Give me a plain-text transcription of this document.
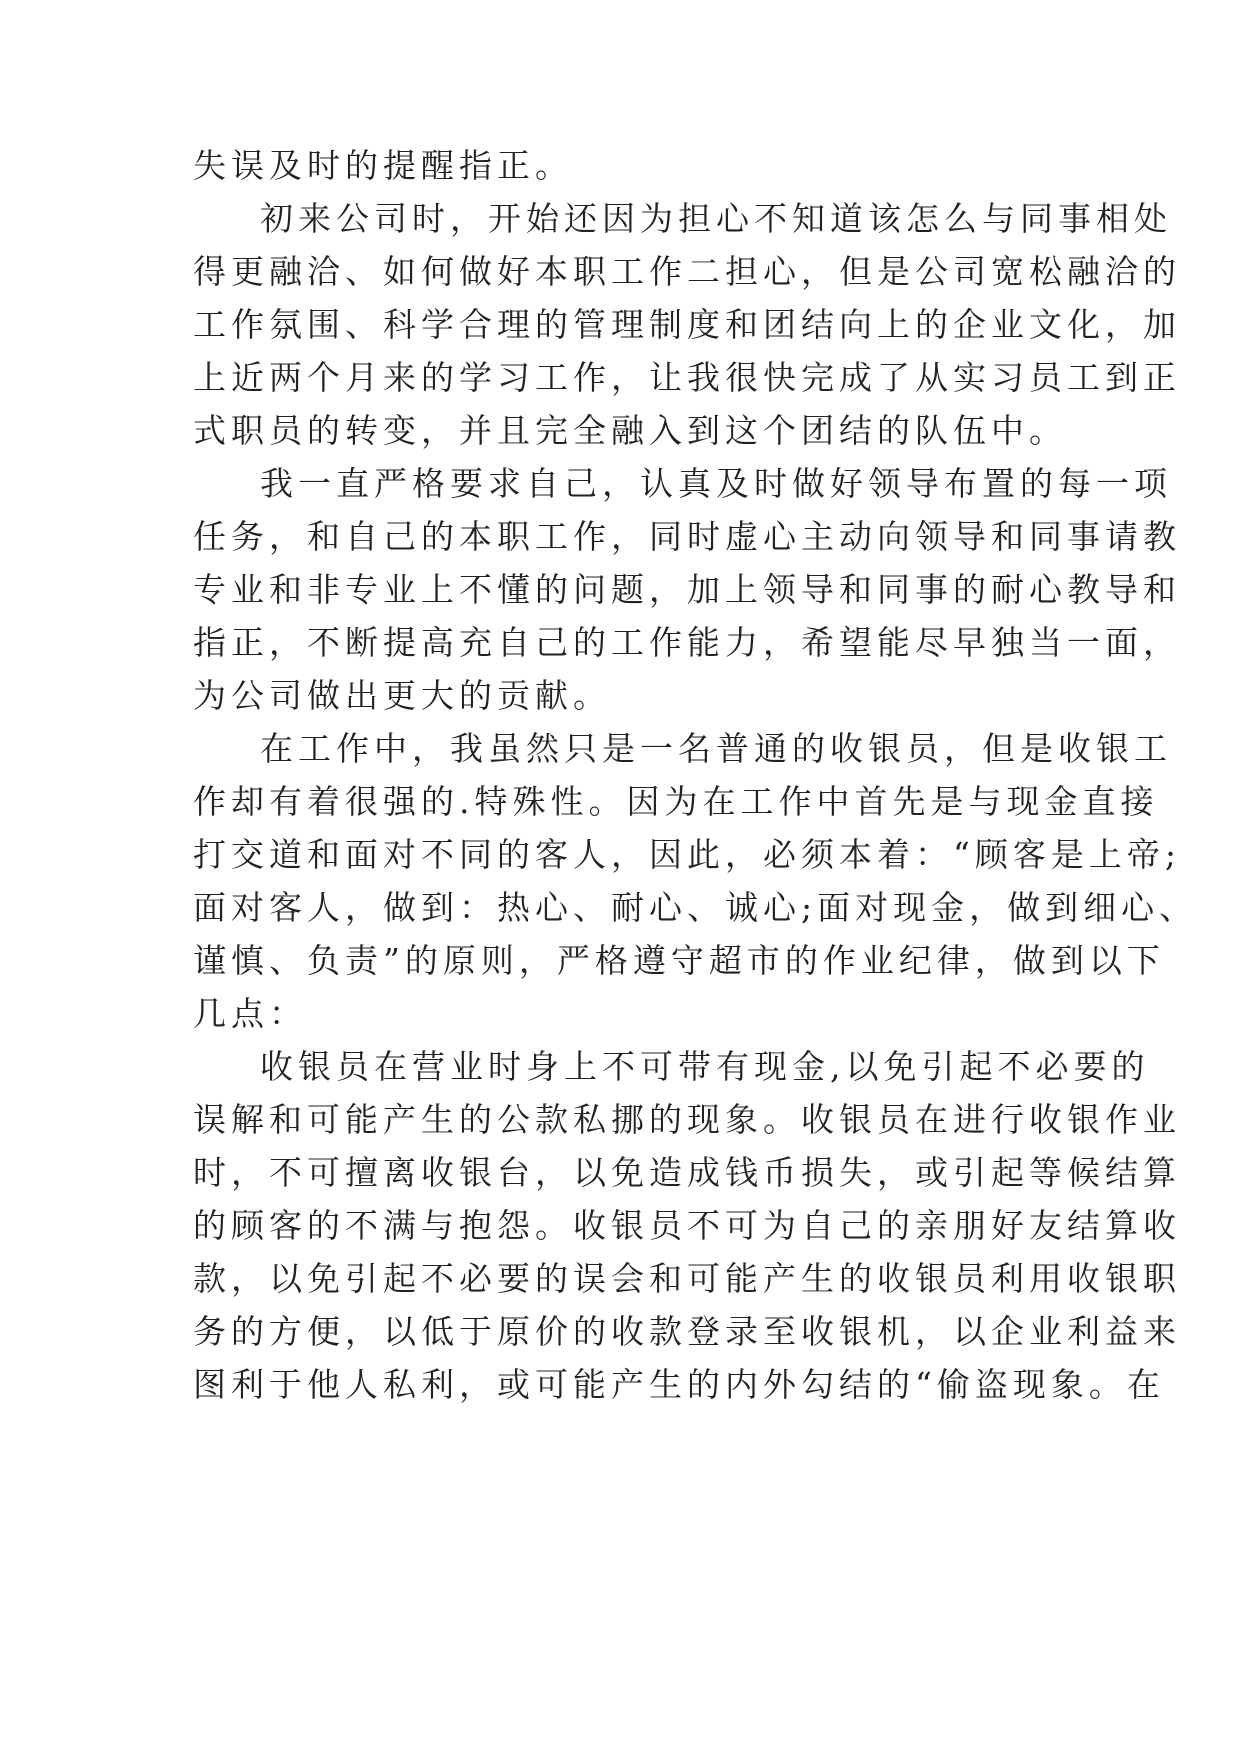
失误及时的提醒指正。

初来公司时，开始还因为担心不知道该怎么与同事相处

得更融洽、如何做好本职工作二担心，但是公司宽松融洽的

工作氛围、科学合理的管理制度和团结向上的企业文化，加

上近两个月来的学习工作，让我很快完成了从实习员工到正

式职员的转变，并且完全融入到这个团结的队伍中。

我一直严格要求自己，认真及时做好领导布置的每一项

任务，和自己的本职工作，同时虚心主动向领导和同事请教

专业和非专业上不懂的问题，加上领导和同事的耐心教导和

指正，不断提高充自己的工作能力，希望能尽早独当一面，

为公司做出更大的贡献。

在工作中，我虽然只是一名普通的收银员，但是收银工

作却有着很强的.特殊性。因为在工作中首先是与现金直接

打交道和面对不同的客人，因此，必须本着：“顾客是上帝;

面对客人，做到：热心、耐心、诚心;面对现金，做到细心、

谨慎、负责”的原则，严格遵守超市的作业纪律，做到以下

几点：

收银员在营业时身上不可带有现金,以免引起不必要的

误解和可能产生的公款私挪的现象。收银员在进行收银作业

时，不可擅离收银台，以免造成钱币损失，或引起等候结算

的顾客的不满与抱怨。收银员不可为自己的亲朋好友结算收

款，以免引起不必要的误会和可能产生的收银员利用收银职

务的方便，以低于原价的收款登录至收银机，以企业利益来

图利于他人私利，或可能产生的内外勾结的“偷盗现象。在
